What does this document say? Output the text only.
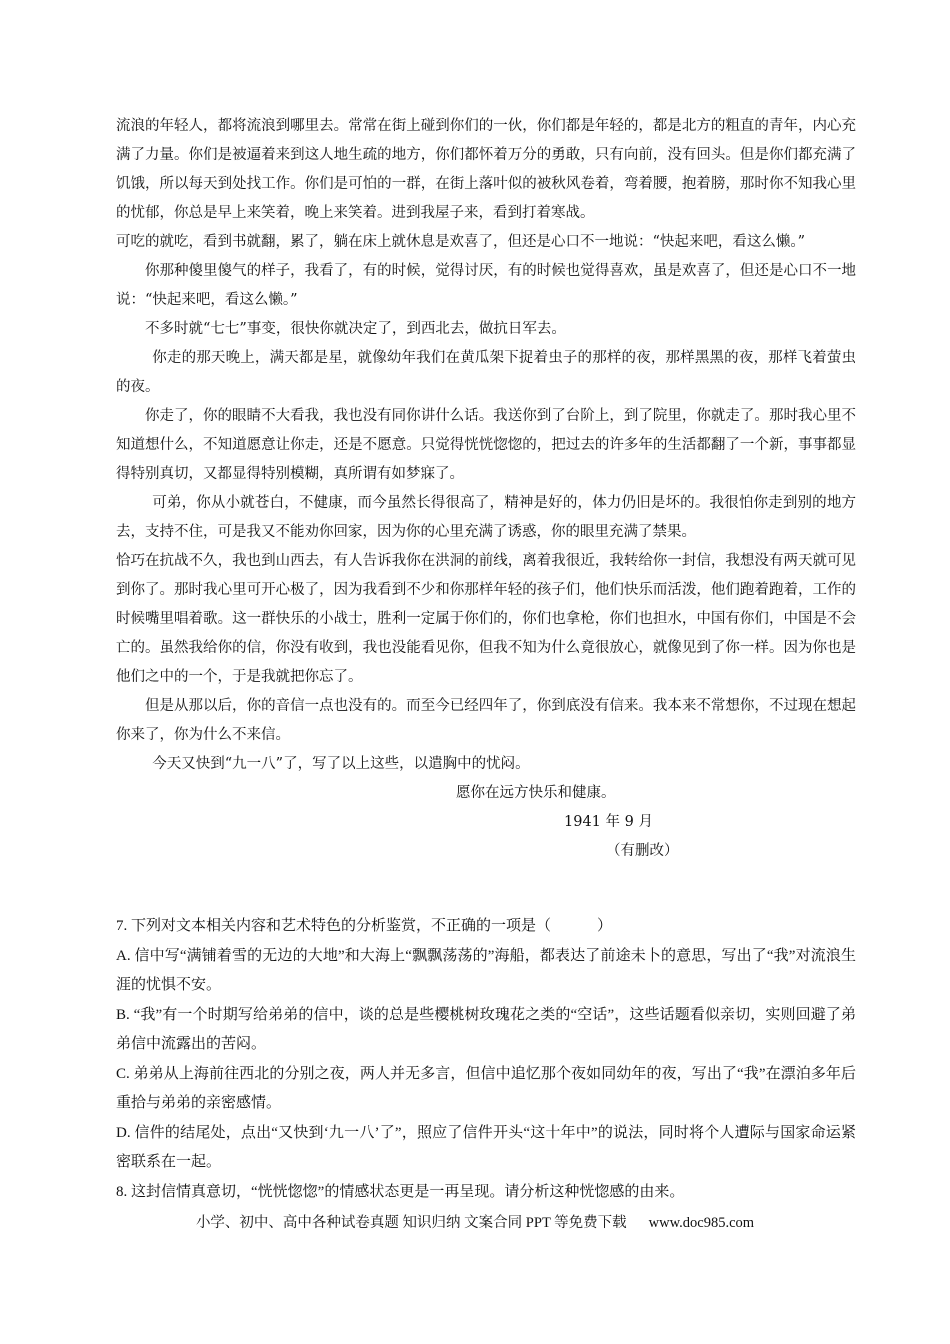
流浪的年轻人，都将流浪到哪里去。常常在街上碰到你们的一伙，你们都是年轻的，都是北方的粗直的青年，内心充满了力量。你们是被逼着来到这人地生疏的地方，你们都怀着万分的勇敢，只有向前，没有回头。但是你们都充满了饥饿，所以每天到处找工作。你们是可怕的一群，在街上落叶似的被秋风卷着，弯着腰，抱着膀，那时你不知我心里的忧郁，你总是早上来笑着，晚上来笑着。进到我屋子来，看到打着寒战。

可吃的就吃，看到书就翻，累了，躺在床上就休息是欢喜了，但还是心口不一地说：“快起来吧，看这么懒。”

你那种傻里傻气的样子，我看了，有的时候，觉得讨厌，有的时候也觉得喜欢，虽是欢喜了，但还是心口不一地说：“快起来吧，看这么懒。”

不多时就“七七”事变，很快你就决定了，到西北去，做抗日军去。

你走的那天晚上，满天都是星，就像幼年我们在黄瓜架下捉着虫子的那样的夜，那样黑黑的夜，那样飞着萤虫的夜。

你走了，你的眼睛不大看我，我也没有同你讲什么话。我送你到了台阶上，到了院里，你就走了。那时我心里不知道想什么，不知道愿意让你走，还是不愿意。只觉得恍恍惚惚的，把过去的许多年的生活都翻了一个新，事事都显得特别真切，又都显得特别模糊，真所谓有如梦寐了。

可弟，你从小就苍白，不健康，而今虽然长得很高了，精神是好的，体力仍旧是坏的。我很怕你走到别的地方去，支持不住，可是我又不能劝你回家，因为你的心里充满了诱惑，你的眼里充满了禁果。

恰巧在抗战不久，我也到山西去，有人告诉我你在洪洞的前线，离着我很近，我转给你一封信，我想没有两天就可见到你了。那时我心里可开心极了，因为我看到不少和你那样年轻的孩子们，他们快乐而活泼，他们跑着跑着，工作的时候嘴里唱着歌。这一群快乐的小战士，胜利一定属于你们的，你们也拿枪，你们也担水，中国有你们，中国是不会亡的。虽然我给你的信，你没有收到，我也没能看见你，但我不知为什么竟很放心，就像见到了你一样。因为你也是他们之中的一个，于是我就把你忘了。

但是从那以后，你的音信一点也没有的。而至今已经四年了，你到底没有信来。我本来不常想你，不过现在想起你来了，你为什么不来信。

今天又快到“九一八”了，写了以上这些，以遣胸中的忧闷。

愿你在远方快乐和健康。

1941 年 9 月

（有删改）

7. 下列对文本相关内容和艺术特色的分析鉴赏，不正确的一项是（	）

A. 信中写“满铺着雪的无边的大地”和大海上“飘飘荡荡的”海船，都表达了前途未卜的意思，写出了“我”对流浪生涯的忧惧不安。

B. “我”有一个时期写给弟弟的信中，谈的总是些樱桃树玫瑰花之类的“空话”，这些话题看似亲切，实则回避了弟弟信中流露出的苦闷。

C. 弟弟从上海前往西北的分别之夜，两人并无多言，但信中追忆那个夜如同幼年的夜，写出了“我”在漂泊多年后重拾与弟弟的亲密感情。

D. 信件的结尾处，点出“又快到‘九一八’了”，照应了信件开头“这十年中”的说法，同时将个人遭际与国家命运紧密联系在一起。

8. 这封信情真意切，“恍恍惚惚”的情感状态更是一再呈现。请分析这种恍惚感的由来。

小学、初中、高中各种试卷真题 知识归纳 文案合同 PPT 等免费下载 www.doc985.com
